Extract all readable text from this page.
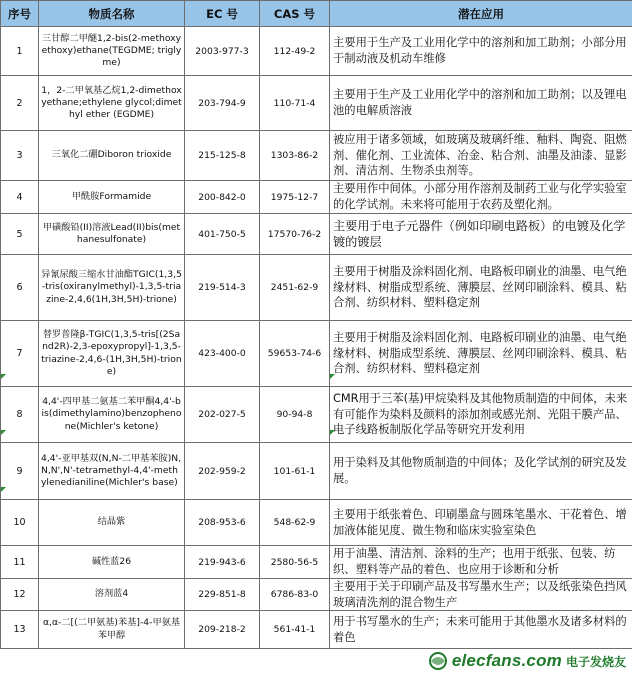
序号	物质名称	EC 号	CAS 号	潜在应用
1	三甘醇二甲醚1,2-bis(2-methoxyethoxy)ethane(TEGDME; triglyme)	2003-977-3	112-49-2	主要用于生产及工业用化学中的溶剂和加工助剂；小部分用于制动液及机动车维修
2	1，2-二甲氧基乙烷1,2-dimethoxyethane;ethylene glycol;dimethyl ether (EGDME)	203-794-9	110-71-4	主要用于生产及工业用化学中的溶剂和加工助剂；以及锂电池的电解质溶液
3	三氧化二硼Diboron trioxide	215-125-8	1303-86-2	被应用于诸多领域，如玻璃及玻璃纤维、釉料、陶瓷、阻燃剂、催化剂、工业流体、冶金、粘合剂、油墨及油漆、显影剂、清洁剂、生物杀虫剂等。
4	甲酰胺Formamide	200-842-0	1975-12-7	主要用作中间体。小部分用作溶剂及制药工业与化学实验室的化学试剂。未来将可能用于农药及塑化剂。
5	甲磺酸铅(II)溶液Lead(II)bis(methanesulfonate)	401-750-5	17570-76-2	主要用于电子元器件（例如印刷电路板）的电镀及化学镀的镀层
6	异氰尿酸三缩水甘油酯TGIC(1,3,5-tris(oxiranylmethyl)-1,3,5-triazine-2,4,6(1H,3H,5H)-trione)	219-514-3	2451-62-9	主要用于树脂及涂料固化剂、电路板印刷业的油墨、电气绝缘材料、树脂成型系统、薄膜层、丝网印刷涂料、模具、粘合剂、纺织材料、塑料稳定剂
7	替罗普隆β-TGIC(1,3,5-tris[(2Sand2R)-2,3-epoxypropyl]-1,3,5-triazine-2,4,6-(1H,3H,5H)-trione)	423-400-0	59653-74-6	主要用于树脂及涂料固化剂、电路板印刷业的油墨、电气绝缘材料、树脂成型系统、薄膜层、丝网印刷涂料、模具、粘合剂、纺织材料、塑料稳定剂
8	4,4'-四甲基二氨基二苯甲酮4,4'-bis(dimethylamino)benzophenone(Michler's ketone)	202-027-5	90-94-8	CMR用于三苯(基)甲烷染料及其他物质制造的中间体，未来有可能作为染料及颜料的添加剂或感光剂、光阻干膜产品、电子线路板制版化学品等研究开发利用
9	4,4'-亚甲基双(N,N-二甲基苯胺)N,N,N',N'-tetramethyl-4,4'-methylenedianiline(Michler's base)	202-959-2	101-61-1	用于染料及其他物质制造的中间体；及化学试剂的研究及发展。
10	结晶紫	208-953-6	548-62-9	主要用于纸张着色、印刷墨盒与圆珠笔墨水、干花着色、增加液体能见度、微生物和临床实验室染色
11	碱性蓝26	219-943-6	2580-56-5	用于油墨、清洁剂、涂料的生产；也用于纸张、包装、纺织、塑料等产品的着色、也应用于诊断和分析
12	溶剂蓝4	229-851-8	6786-83-0	主要用于关于印刷产品及书写墨水生产；以及纸张染色挡风玻璃清洗剂的混合物生产
13	α,α-二[(二甲氨基)苯基]-4-甲氨基苯甲醇	209-218-2	561-41-1	用于书写墨水的生产；未来可能用于其他墨水及诸多材料的着色
elecfans.com 电子发烧友
